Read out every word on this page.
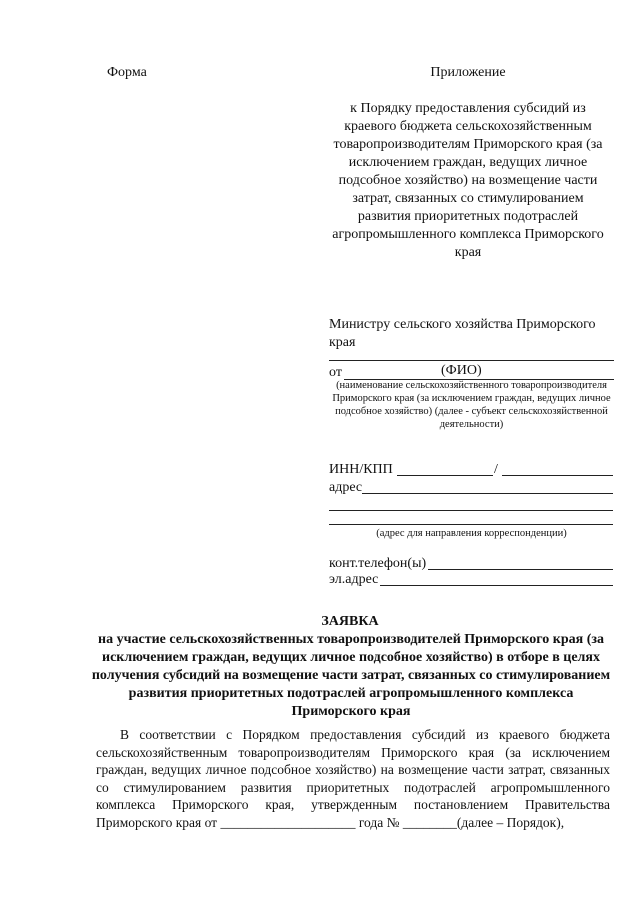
Форма	Приложение
к Порядку предоставления субсидий из краевого бюджета сельскохозяйственным товаропроизводителям Приморского края (за исключением граждан, ведущих личное подсобное хозяйство) на возмещение части затрат, связанных со стимулированием развития приоритетных подотраслей агропромышленного комплекса Приморского края
Министру сельского хозяйства Приморского края
от	(ФИО)
(наименование сельскохозяйственного товаропроизводителя Приморского края (за исключением граждан, ведущих личное подсобное хозяйство) (далее - субъект сельскохозяйственной деятельности)
ИНН/КПП	/
адрес
(адрес для направления корреспонденции)
конт.телефон(ы)
эл.адрес
ЗАЯВКА
на участие сельскохозяйственных товаропроизводителей Приморского края (за исключением граждан, ведущих личное подсобное хозяйство) в отборе в целях получения субсидий на возмещение части затрат, связанных со стимулированием развития приоритетных подотраслей агропромышленного комплекса Приморского края
В соответствии с Порядком предоставления субсидий из краевого бюджета сельскохозяйственным товаропроизводителям Приморского края (за исключением граждан, ведущих личное подсобное хозяйство) на возмещение части затрат, связанных со стимулированием развития приоритетных подотраслей агропромышленного комплекса Приморского края, утвержденным постановлением Правительства Приморского края от ____________________ года № ________(далее – Порядок),
